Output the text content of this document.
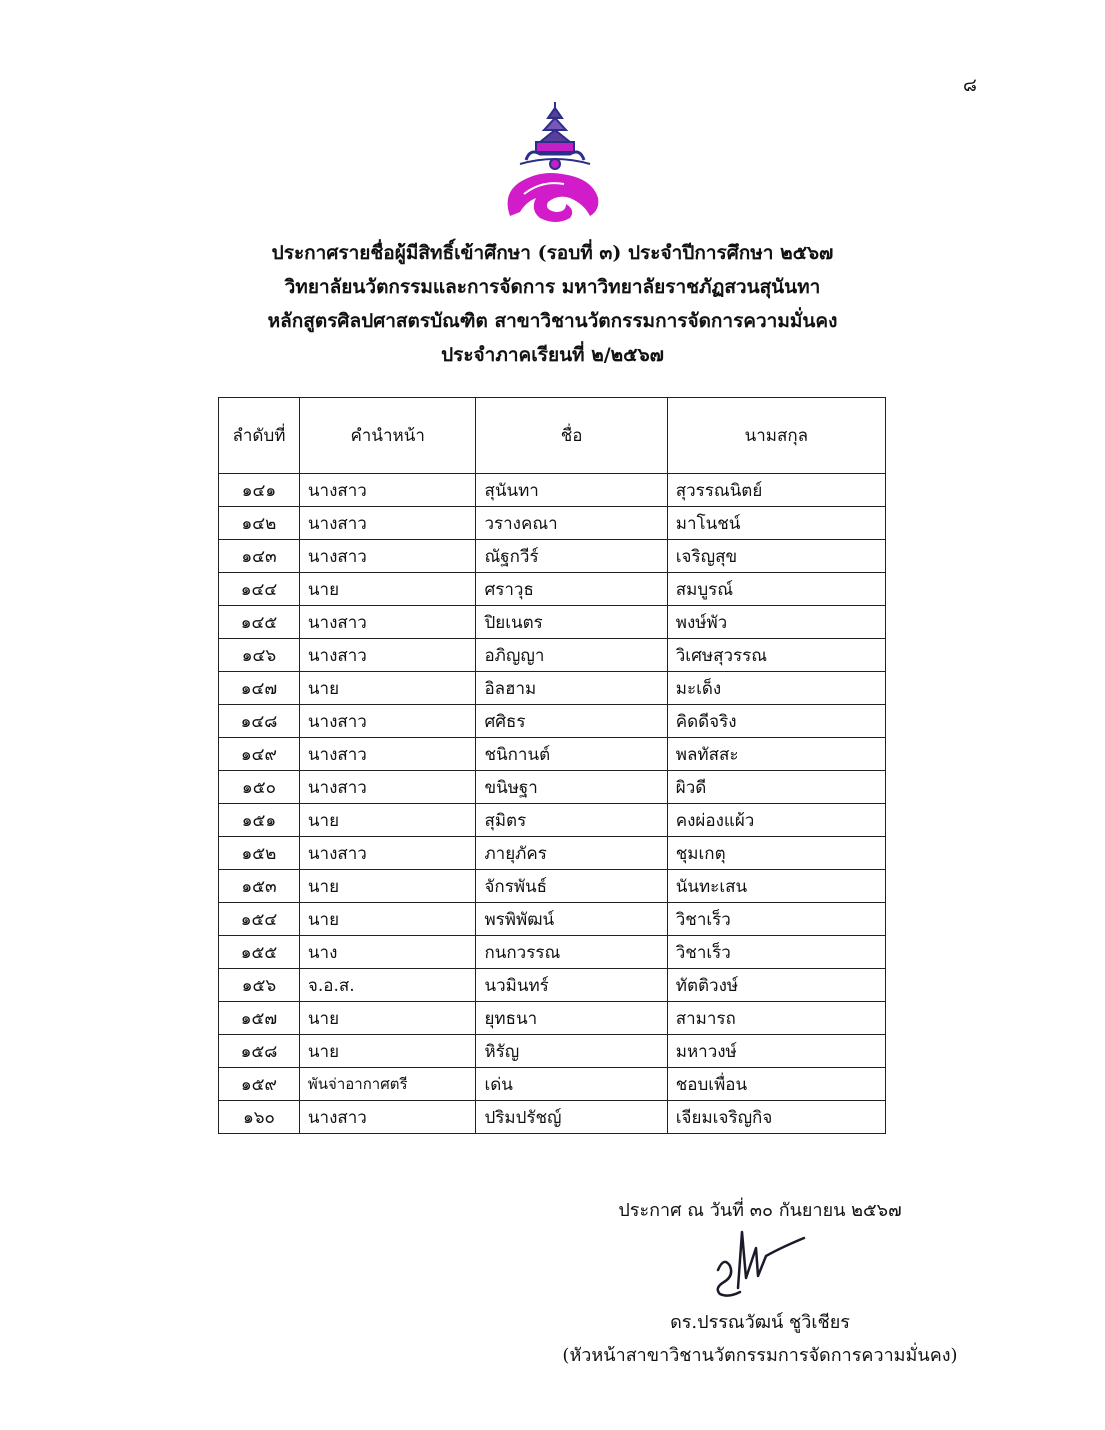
๘
ประกาศรายชื่อผู้มีสิทธิ์เข้าศึกษา (รอบที่ ๓) ประจำปีการศึกษา ๒๕๖๗
วิทยาลัยนวัตกรรมและการจัดการ มหาวิทยาลัยราชภัฏสวนสุนันทา
หลักสูตรศิลปศาสตรบัณฑิต สาขาวิชานวัตกรรมการจัดการความมั่นคง
ประจำภาคเรียนที่ ๒/๒๕๖๗
ลำดับที่	คำนำหน้า	ชื่อ	นามสกุล
๑๔๑	นางสาว	สุนันทา	สุวรรณนิตย์
๑๔๒	นางสาว	วรางคณา	มาโนชน์
๑๔๓	นางสาว	ณัฐกวีร์	เจริญสุข
๑๔๔	นาย	ศราวุธ	สมบูรณ์
๑๔๕	นางสาว	ปิยเนตร	พงษ์พัว
๑๔๖	นางสาว	อภิญญา	วิเศษสุวรรณ
๑๔๗	นาย	อิลฮาม	มะเด็ง
๑๔๘	นางสาว	ศศิธร	คิดดีจริง
๑๔๙	นางสาว	ชนิกานต์	พลทัสสะ
๑๕๐	นางสาว	ขนิษฐา	ผิวดี
๑๕๑	นาย	สุมิตร	คงผ่องแผ้ว
๑๕๒	นางสาว	ภายุภัคร	ชุมเกตุ
๑๕๓	นาย	จักรพันธ์	นันทะเสน
๑๕๔	นาย	พรพิพัฒน์	วิชาเร็ว
๑๕๕	นาง	กนกวรรณ	วิชาเร็ว
๑๕๖	จ.อ.ส.	นวมินทร์	ทัตติวงษ์
๑๕๗	นาย	ยุทธนา	สามารถ
๑๕๘	นาย	หิรัญ	มหาวงษ์
๑๕๙	พันจ่าอากาศตรี	เด่น	ชอบเพื่อน
๑๖๐	นางสาว	ปริมปรัชญ์	เจียมเจริญกิจ
ประกาศ ณ วันที่ ๓๐ กันยายน ๒๕๖๗
ดร.ปรรณวัฒน์ ชูวิเชียร
(หัวหน้าสาขาวิชานวัตกรรมการจัดการความมั่นคง)
